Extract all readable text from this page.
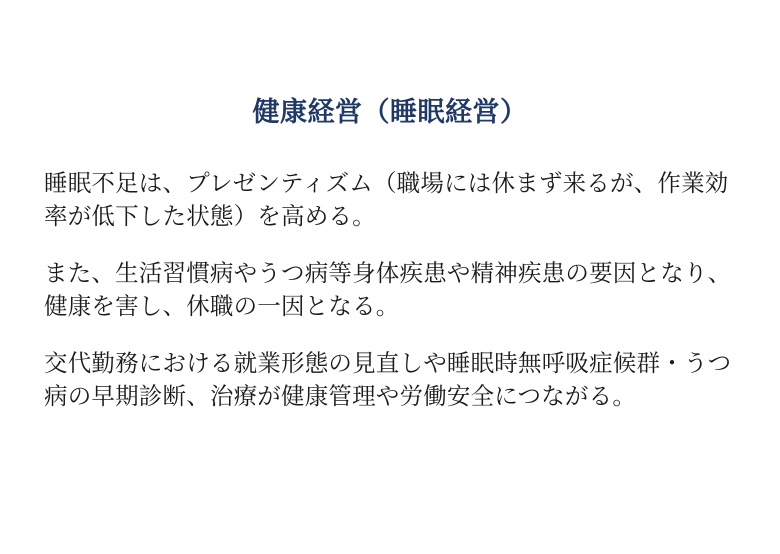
健康経営（睡眠経営）

睡眠不足は、プレゼンティズム（職場には休まず来るが、作業効率が低下した状態）を高める。

また、生活習慣病やうつ病等身体疾患や精神疾患の要因となり、健康を害し、休職の一因となる。

交代勤務における就業形態の見直しや睡眠時無呼吸症候群・うつ病の早期診断、治療が健康管理や労働安全につながる。
